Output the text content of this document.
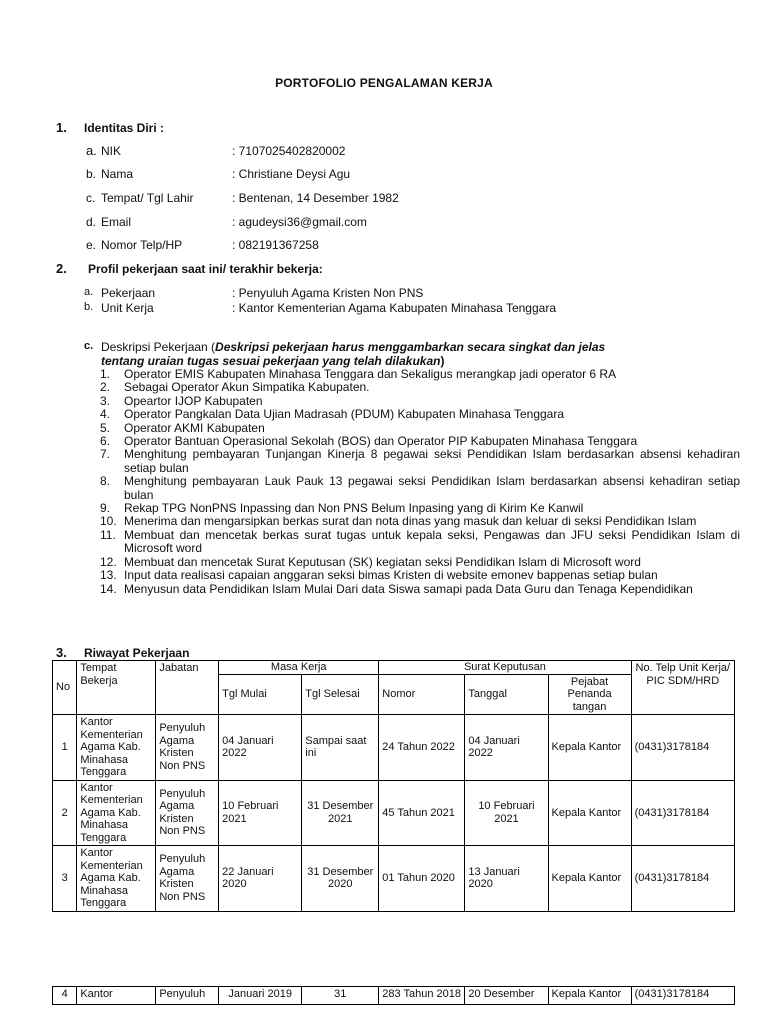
PORTOFOLIO PENGALAMAN KERJA
1. Identitas Diri :
a. NIK	: 7107025402820002
b. Nama	: Christiane Deysi Agu
c. Tempat/ Tgl Lahir	: Bentenan, 14 Desember 1982
d. Email	: agudeysi36@gmail.com
e. Nomor Telp/HP	: 082191367258
2. Profil pekerjaan saat ini/ terakhir bekerja:
a. Pekerjaan	: Penyuluh Agama Kristen Non PNS
b. Unit Kerja	: Kantor Kementerian Agama Kabupaten Minahasa Tenggara
c. Deskripsi Pekerjaan (Deskripsi pekerjaan harus menggambarkan secara singkat dan jelas
tentang uraian tugas sesuai pekerjaan yang telah dilakukan)
1. Operator EMIS Kabupaten Minahasa Tenggara dan Sekaligus merangkap jadi operator 6 RA
2. Sebagai Operator Akun Simpatika Kabupaten.
3. Opeartor IJOP Kabupaten
4. Operator Pangkalan Data Ujian Madrasah (PDUM) Kabupaten Minahasa Tenggara
5. Operator AKMI Kabupaten
6. Operator Bantuan Operasional Sekolah (BOS) dan Operator PIP Kabupaten Minahasa Tenggara
7. Menghitung pembayaran Tunjangan Kinerja 8 pegawai seksi Pendidikan Islam berdasarkan absensi kehadiran setiap bulan
8. Menghitung pembayaran Lauk Pauk 13 pegawai seksi Pendidikan Islam berdasarkan absensi kehadiran setiap bulan
9. Rekap TPG NonPNS Inpassing dan Non PNS Belum Inpasing yang di Kirim Ke Kanwil
10. Menerima dan mengarsipkan berkas surat dan nota dinas yang masuk dan keluar di seksi Pendidikan Islam
11. Membuat dan mencetak berkas surat tugas untuk kepala seksi, Pengawas dan JFU seksi Pendidikan Islam di Microsoft word
12. Membuat dan mencetak Surat Keputusan (SK) kegiatan seksi Pendidikan Islam di Microsoft word
13. Input data realisasi capaian anggaran seksi bimas Kristen di website emonev bappenas setiap bulan
14. Menyusun data Pendidikan Islam Mulai Dari data Siswa samapi pada Data Guru dan Tenaga Kependidikan
3. Riwayat Pekerjaan
No	Tempat Bekerja	Jabatan	Masa Kerja		Surat Keputusan			No. Telp Unit Kerja/ PIC SDM/HRD
			Tgl Mulai	Tgl Selesai	Nomor	Tanggal	Pejabat Penanda tangan	
1	Kantor Kementerian Agama Kab. Minahasa Tenggara	Penyuluh Agama Kristen Non PNS	04 Januari 2022	Sampai saat ini	24 Tahun 2022	04 Januari 2022	Kepala Kantor	(0431)3178184
2	Kantor Kementerian Agama Kab. Minahasa Tenggara	Penyuluh Agama Kristen Non PNS	10 Februari 2021	31 Desember 2021	45 Tahun 2021	10 Februari 2021	Kepala Kantor	(0431)3178184
3	Kantor Kementerian Agama Kab. Minahasa Tenggara	Penyuluh Agama Kristen Non PNS	22 Januari 2020	31 Desember 2020	01 Tahun 2020	13 Januari 2020	Kepala Kantor	(0431)3178184
4	Kantor	Penyuluh	Januari 2019	31	283 Tahun 2018	20 Desember	Kepala Kantor	(0431)3178184
